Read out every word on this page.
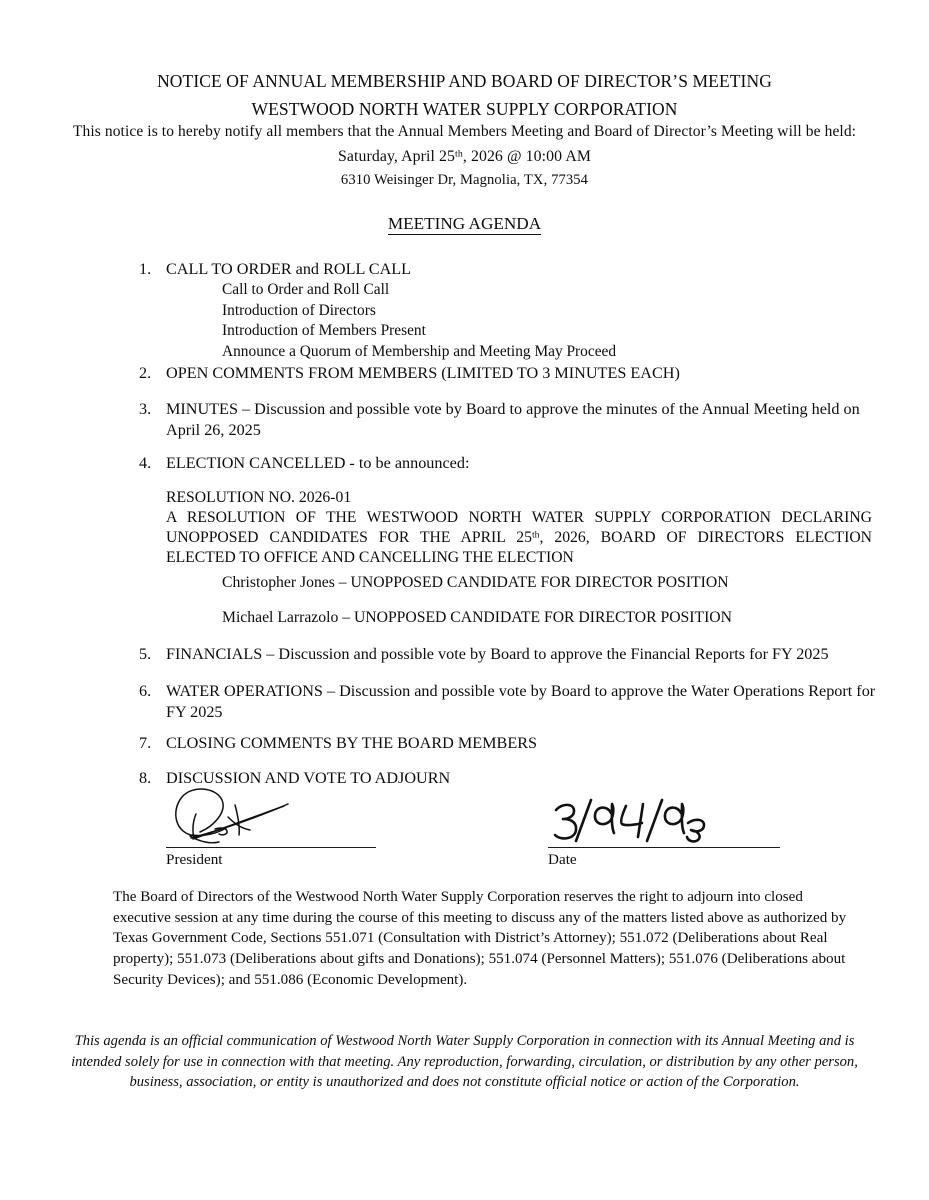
NOTICE OF ANNUAL MEMBERSHIP AND BOARD OF DIRECTOR’S MEETING
WESTWOOD NORTH WATER SUPPLY CORPORATION
This notice is to hereby notify all members that the Annual Members Meeting and Board of Director’s Meeting will be held:
Saturday, April 25th, 2026 @ 10:00 AM
6310 Weisinger Dr, Magnolia, TX, 77354
MEETING AGENDA
1. CALL TO ORDER and ROLL CALL
Call to Order and Roll Call
Introduction of Directors
Introduction of Members Present
Announce a Quorum of Membership and Meeting May Proceed
2. OPEN COMMENTS FROM MEMBERS (LIMITED TO 3 MINUTES EACH)
3. MINUTES – Discussion and possible vote by Board to approve the minutes of the Annual Meeting held on April 26, 2025
4. ELECTION CANCELLED - to be announced:
RESOLUTION NO. 2026-01
A RESOLUTION OF THE WESTWOOD NORTH WATER SUPPLY CORPORATION DECLARING UNOPPOSED CANDIDATES FOR THE APRIL 25th, 2026, BOARD OF DIRECTORS ELECTION ELECTED TO OFFICE AND CANCELLING THE ELECTION
Christopher Jones – UNOPPOSED CANDIDATE FOR DIRECTOR POSITION
Michael Larrazolo – UNOPPOSED CANDIDATE FOR DIRECTOR POSITION
5. FINANCIALS – Discussion and possible vote by Board to approve the Financial Reports for FY 2025
6. WATER OPERATIONS – Discussion and possible vote by Board to approve the Water Operations Report for FY 2025
7. CLOSING COMMENTS BY THE BOARD MEMBERS
8. DISCUSSION AND VOTE TO ADJOURN
President	Date
The Board of Directors of the Westwood North Water Supply Corporation reserves the right to adjourn into closed executive session at any time during the course of this meeting to discuss any of the matters listed above as authorized by Texas Government Code, Sections 551.071 (Consultation with District’s Attorney); 551.072 (Deliberations about Real property); 551.073 (Deliberations about gifts and Donations); 551.074 (Personnel Matters); 551.076 (Deliberations about Security Devices); and 551.086 (Economic Development).
This agenda is an official communication of Westwood North Water Supply Corporation in connection with its Annual Meeting and is intended solely for use in connection with that meeting. Any reproduction, forwarding, circulation, or distribution by any other person, business, association, or entity is unauthorized and does not constitute official notice or action of the Corporation.
